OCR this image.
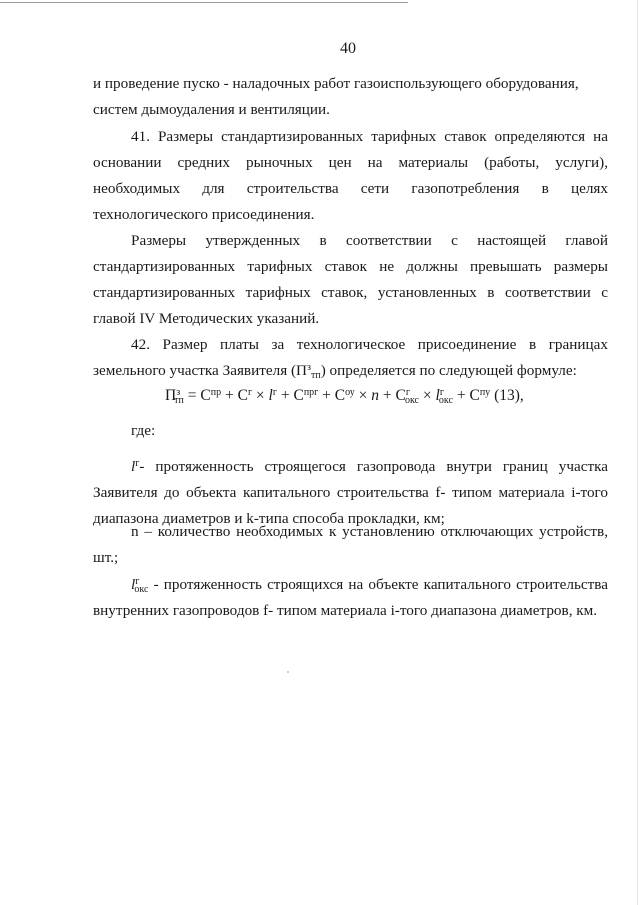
40

и проведение пуско - наладочных работ газоиспользующего оборудования, систем дымоудаления и вентиляции.

41. Размеры стандартизированных тарифных ставок определяются на основании средних рыночных цен на материалы (работы, услуги), необходимых для строительства сети газопотребления в целях технологического присоединения.

Размеры утвержденных в соответствии с настоящей главой стандартизированных тарифных ставок не должны превышать размеры стандартизированных тарифных ставок, установленных в соответствии с главой IV Методических указаний.

42. Размер платы за технологическое присоединение в границах земельного участка Заявителя $(П^з_{тп})$ определяется по следующей формуле:

$П^з_{тп} = С^{пр} + С^г \times l^г + С^{прг} + С^{оу} \times n + С^г_{окс} \times l^г_{окс} + С^{пу}$ (13),

где:

$l^г-$ протяженность строящегося газопровода внутри границ участка Заявителя до объекта капитального строительства f- типом материала i-того диапазона диаметров и k-типа способа прокладки, км;

n – количество необходимых к установлению отключающих устройств, шт.;

$l^г_{окс}$ - протяженность строящихся на объекте капитального строительства внутренних газопроводов f- типом материала i-того диапазона диаметров, км.
